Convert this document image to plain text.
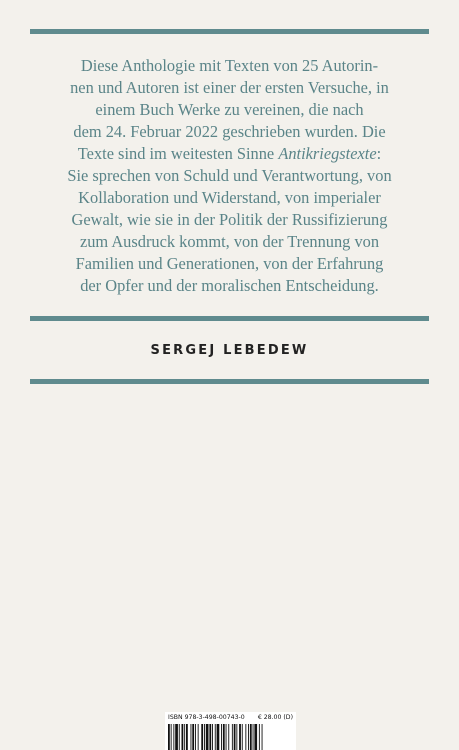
Diese Anthologie mit Texten von 25 Autorin-
nen und Autoren ist einer der ersten Versuche, in
einem Buch Werke zu vereinen, die nach
dem 24. Februar 2022 geschrieben wurden. Die
Texte sind im weitesten Sinne Antikriegstexte:
Sie sprechen von Schuld und Verantwortung, von
Kollaboration und Widerstand, von imperialer
Gewalt, wie sie in der Politik der Russifizierung
zum Ausdruck kommt, von der Trennung von
Familien und Generationen, von der Erfahrung
der Opfer und der moralischen Entscheidung.
SERGEJ LEBEDEW
ISBN 978-3-498-00743-0 € 28.00 (D)
